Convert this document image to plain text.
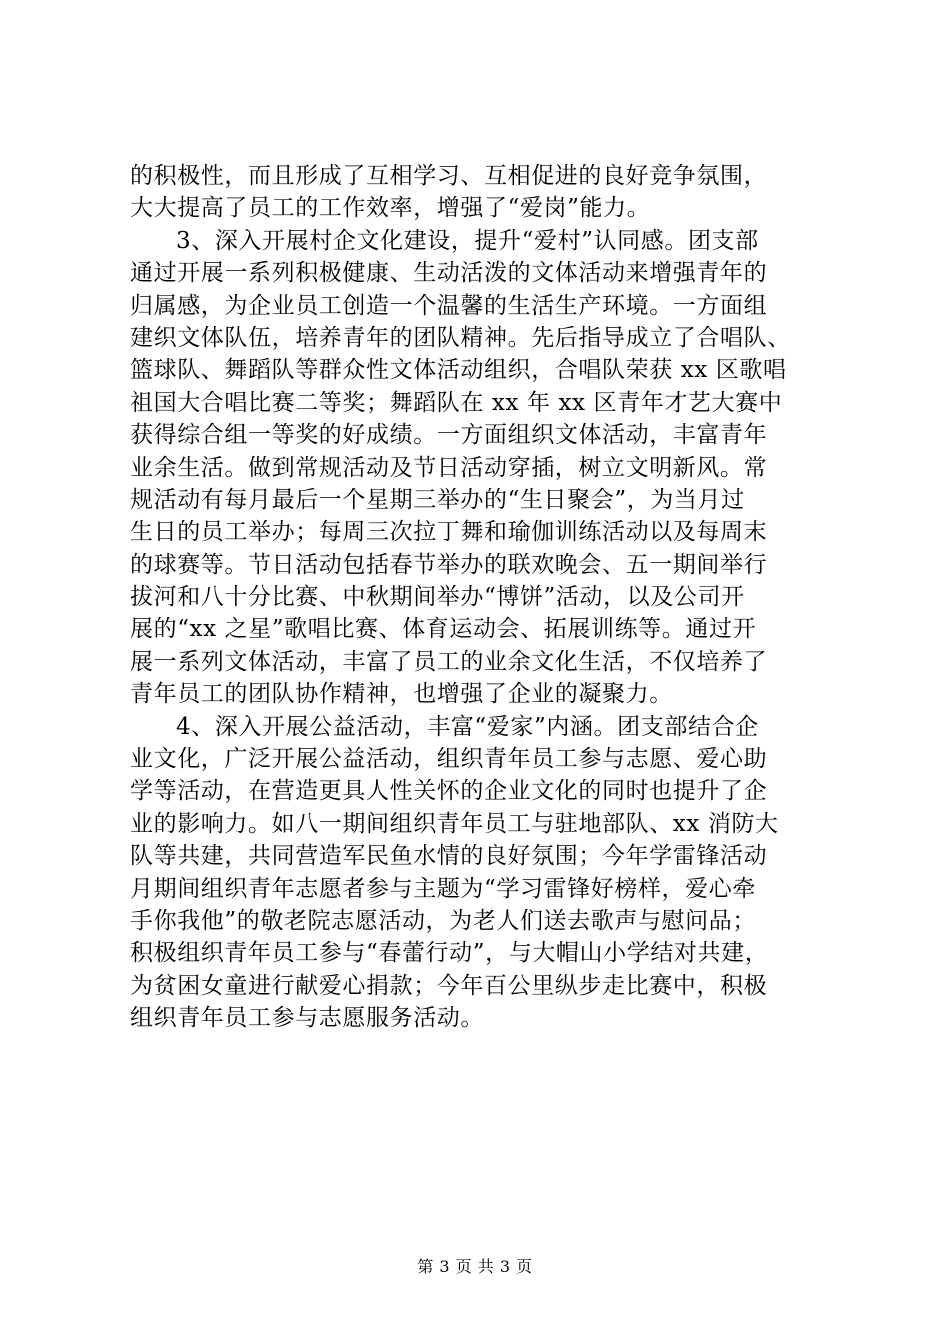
的积极性，而且形成了互相学习、互相促进的良好竞争氛围，
大大提高了员工的工作效率，增强了“爱岗”能力。
3、深入开展村企文化建设，提升“爱村”认同感。团支部
通过开展一系列积极健康、生动活泼的文体活动来增强青年的
归属感，为企业员工创造一个温馨的生活生产环境。一方面组
建织文体队伍，培养青年的团队精神。先后指导成立了合唱队、
篮球队、舞蹈队等群众性文体活动组织，合唱队荣获 xx 区歌唱
祖国大合唱比赛二等奖；舞蹈队在 xx 年 xx 区青年才艺大赛中
获得综合组一等奖的好成绩。一方面组织文体活动，丰富青年
业余生活。做到常规活动及节日活动穿插，树立文明新风。常
规活动有每月最后一个星期三举办的“生日聚会”，为当月过
生日的员工举办；每周三次拉丁舞和瑜伽训练活动以及每周末
的球赛等。节日活动包括春节举办的联欢晚会、五一期间举行
拔河和八十分比赛、中秋期间举办“博饼”活动，以及公司开
展的“xx 之星”歌唱比赛、体育运动会、拓展训练等。通过开
展一系列文体活动，丰富了员工的业余文化生活，不仅培养了
青年员工的团队协作精神，也增强了企业的凝聚力。
4、深入开展公益活动，丰富“爱家”内涵。团支部结合企
业文化，广泛开展公益活动，组织青年员工参与志愿、爱心助
学等活动，在营造更具人性关怀的企业文化的同时也提升了企
业的影响力。如八一期间组织青年员工与驻地部队、xx 消防大
队等共建，共同营造军民鱼水情的良好氛围；今年学雷锋活动
月期间组织青年志愿者参与主题为“学习雷锋好榜样，爱心牵
手你我他”的敬老院志愿活动，为老人们送去歌声与慰问品；
积极组织青年员工参与“春蕾行动”，与大帽山小学结对共建，
为贫困女童进行献爱心捐款；今年百公里纵步走比赛中，积极
组织青年员工参与志愿服务活动。
第 3 页 共 3 页
